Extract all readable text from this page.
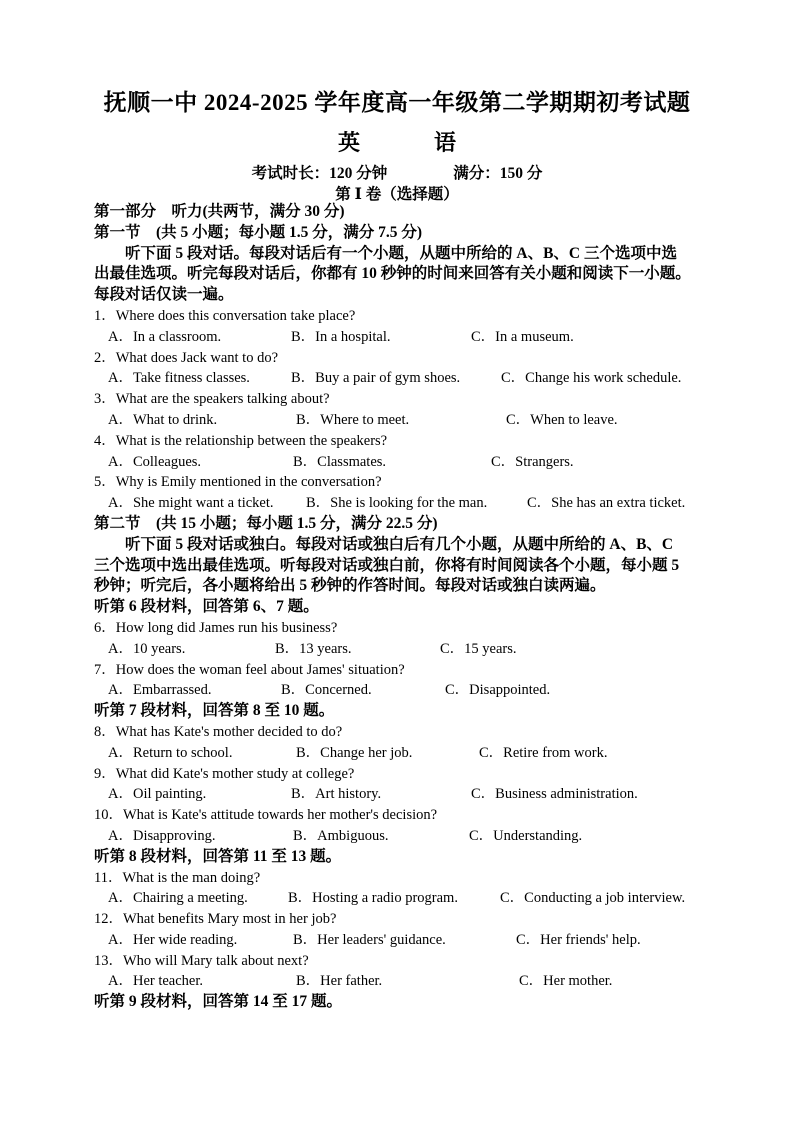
抚顺一中 2024-2025 学年度高一年级第二学期期初考试题
英　语
考试时长：120 分钟	满分：150 分
第 Ⅰ 卷（选择题）
第一部分　听力(共两节，满分 30 分)
第一节　(共 5 小题；每小题 1.5 分，满分 7.5 分)
听下面 5 段对话。每段对话后有一个小题，从题中所给的 A、B、C 三个选项中选
出最佳选项。听完每段对话后，你都有 10 秒钟的时间来回答有关小题和阅读下一小题。
每段对话仅读一遍。
1．Where does this conversation take place?
A．In a classroom.	B．In a hospital.	C．In a museum.
2．What does Jack want to do?
A．Take fitness classes.	B．Buy a pair of gym shoes.	C．Change his work schedule.
3．What are the speakers talking about?
A．What to drink.	B．Where to meet.	C．When to leave.
4．What is the relationship between the speakers?
A．Colleagues.	B．Classmates.	C．Strangers.
5．Why is Emily mentioned in the conversation?
A．She might want a ticket. B．She is looking for the man.	C．She has an extra ticket.
第二节　(共 15 小题；每小题 1.5 分，满分 22.5 分)
听下面 5 段对话或独白。每段对话或独白后有几个小题，从题中所给的 A、B、C
三个选项中选出最佳选项。听每段对话或独白前，你将有时间阅读各个小题，每小题 5
秒钟；听完后，各小题将给出 5 秒钟的作答时间。每段对话或独白读两遍。
听第 6 段材料，回答第 6、7 题。
6．How long did James run his business?
A．10 years.	B．13 years.	C．15 years.
7．How does the woman feel about James' situation?
A．Embarrassed.	B．Concerned.	C．Disappointed.
听第 7 段材料，回答第 8 至 10 题。
8．What has Kate's mother decided to do?
A．Return to school.	B．Change her job.	C．Retire from work.
9．What did Kate's mother study at college?
A．Oil painting.	B．Art history.	C．Business administration.
10．What is Kate's attitude towards her mother's decision?
A．Disapproving.	B．Ambiguous.	C．Understanding.
听第 8 段材料，回答第 11 至 13 题。
11．What is the man doing?
A．Chairing a meeting.	B．Hosting a radio program.	C．Conducting a job interview.
12．What benefits Mary most in her job?
A．Her wide reading.	B．Her leaders' guidance.	C．Her friends' help.
13．Who will Mary talk about next?
A．Her teacher.	B．Her father.	C．Her mother.
听第 9 段材料，回答第 14 至 17 题。
